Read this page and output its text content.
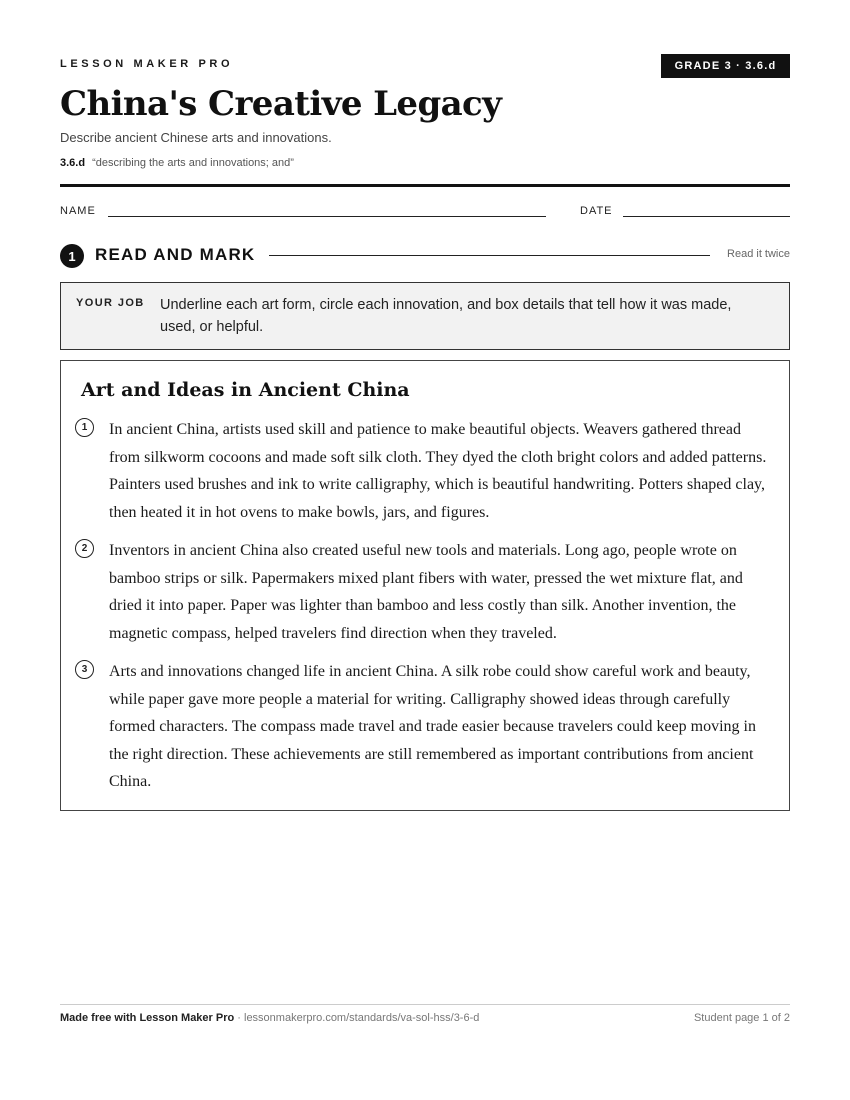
LESSON MAKER PRO	GRADE 3 · 3.6.d
China's Creative Legacy
Describe ancient Chinese arts and innovations.
3.6.d “describing the arts and innovations; and”
NAME	DATE
1	READ AND MARK	Read it twice
YOUR JOB Underline each art form, circle each innovation, and box details that tell how it was made, used, or helpful.
Art and Ideas in Ancient China
1	In ancient China, artists used skill and patience to make beautiful objects. Weavers gathered thread from silkworm cocoons and made soft silk cloth. They dyed the cloth bright colors and added patterns. Painters used brushes and ink to write calligraphy, which is beautiful handwriting. Potters shaped clay, then heated it in hot ovens to make bowls, jars, and figures.

2	Inventors in ancient China also created useful new tools and materials. Long ago, people wrote on bamboo strips or silk. Papermakers mixed plant fibers with water, pressed the wet mixture flat, and dried it into paper. Paper was lighter than bamboo and less costly than silk. Another invention, the magnetic compass, helped travelers find direction when they traveled.

3	Arts and innovations changed life in ancient China. A silk robe could show careful work and beauty, while paper gave more people a material for writing. Calligraphy showed ideas through carefully formed characters. The compass made travel and trade easier because travelers could keep moving in the right direction. These achievements are still remembered as important contributions from ancient China.

Made free with Lesson Maker Pro · lessonmakerpro.com/standards/va-sol-hss/3-6-d	Student page 1 of 2
